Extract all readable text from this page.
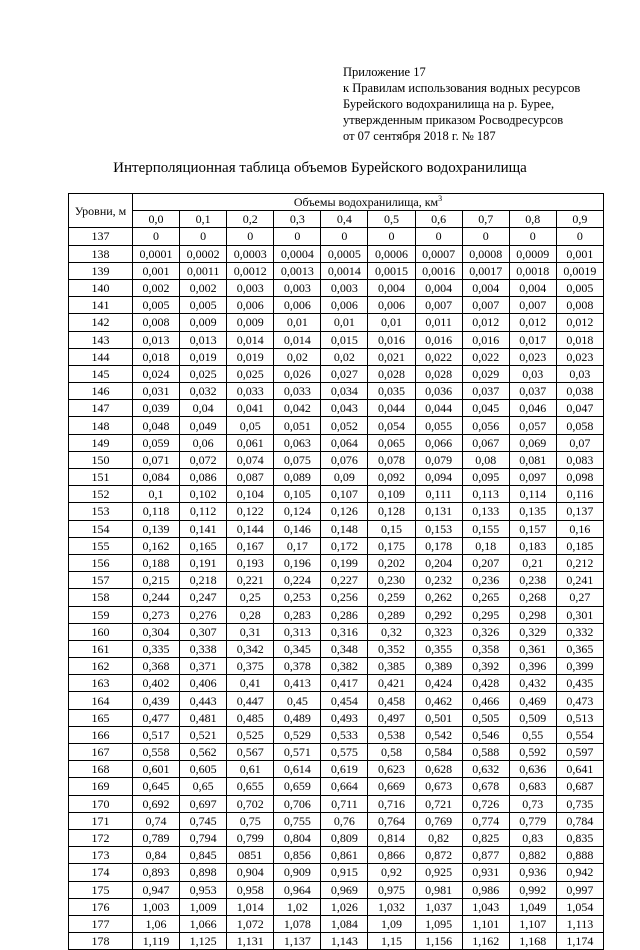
Приложение 17
к Правилам использования водных ресурсов
Бурейского водохранилища на р. Бурее,
утвержденным приказом Росводресурсов
от 07 сентября 2018 г. № 187
Интерполяционная таблица объемов Бурейского водохранилища
Уровни, м	Объемы водохранилища, $км^3$
	0,0	0,1	0,2	0,3	0,4	0,5	0,6	0,7	0,8	0,9
137	0	0	0	0	0	0	0	0	0	0
138	0,0001	0,0002	0,0003	0,0004	0,0005	0,0006	0,0007	0,0008	0,0009	0,001
139	0,001	0,0011	0,0012	0,0013	0,0014	0,0015	0,0016	0,0017	0,0018	0,0019
140	0,002	0,002	0,003	0,003	0,003	0,004	0,004	0,004	0,004	0,005
141	0,005	0,005	0,006	0,006	0,006	0,006	0,007	0,007	0,007	0,008
142	0,008	0,009	0,009	0,01	0,01	0,01	0,011	0,012	0,012	0,012
143	0,013	0,013	0,014	0,014	0,015	0,016	0,016	0,016	0,017	0,018
144	0,018	0,019	0,019	0,02	0,02	0,021	0,022	0,022	0,023	0,023
145	0,024	0,025	0,025	0,026	0,027	0,028	0,028	0,029	0,03	0,03
146	0,031	0,032	0,033	0,033	0,034	0,035	0,036	0,037	0,037	0,038
147	0,039	0,04	0,041	0,042	0,043	0,044	0,044	0,045	0,046	0,047
148	0,048	0,049	0,05	0,051	0,052	0,054	0,055	0,056	0,057	0,058
149	0,059	0,06	0,061	0,063	0,064	0,065	0,066	0,067	0,069	0,07
150	0,071	0,072	0,074	0,075	0,076	0,078	0,079	0,08	0,081	0,083
151	0,084	0,086	0,087	0,089	0,09	0,092	0,094	0,095	0,097	0,098
152	0,1	0,102	0,104	0,105	0,107	0,109	0,111	0,113	0,114	0,116
153	0,118	0,112	0,122	0,124	0,126	0,128	0,131	0,133	0,135	0,137
154	0,139	0,141	0,144	0,146	0,148	0,15	0,153	0,155	0,157	0,16
155	0,162	0,165	0,167	0,17	0,172	0,175	0,178	0,18	0,183	0,185
156	0,188	0,191	0,193	0,196	0,199	0,202	0,204	0,207	0,21	0,212
157	0,215	0,218	0,221	0,224	0,227	0,230	0,232	0,236	0,238	0,241
158	0,244	0,247	0,25	0,253	0,256	0,259	0,262	0,265	0,268	0,27
159	0,273	0,276	0,28	0,283	0,286	0,289	0,292	0,295	0,298	0,301
160	0,304	0,307	0,31	0,313	0,316	0,32	0,323	0,326	0,329	0,332
161	0,335	0,338	0,342	0,345	0,348	0,352	0,355	0,358	0,361	0,365
162	0,368	0,371	0,375	0,378	0,382	0,385	0,389	0,392	0,396	0,399
163	0,402	0,406	0,41	0,413	0,417	0,421	0,424	0,428	0,432	0,435
164	0,439	0,443	0,447	0,45	0,454	0,458	0,462	0,466	0,469	0,473
165	0,477	0,481	0,485	0,489	0,493	0,497	0,501	0,505	0,509	0,513
166	0,517	0,521	0,525	0,529	0,533	0,538	0,542	0,546	0,55	0,554
167	0,558	0,562	0,567	0,571	0,575	0,58	0,584	0,588	0,592	0,597
168	0,601	0,605	0,61	0,614	0,619	0,623	0,628	0,632	0,636	0,641
169	0,645	0,65	0,655	0,659	0,664	0,669	0,673	0,678	0,683	0,687
170	0,692	0,697	0,702	0,706	0,711	0,716	0,721	0,726	0,73	0,735
171	0,74	0,745	0,75	0,755	0,76	0,764	0,769	0,774	0,779	0,784
172	0,789	0,794	0,799	0,804	0,809	0,814	0,82	0,825	0,83	0,835
173	0,84	0,845	0851	0,856	0,861	0,866	0,872	0,877	0,882	0,888
174	0,893	0,898	0,904	0,909	0,915	0,92	0,925	0,931	0,936	0,942
175	0,947	0,953	0,958	0,964	0,969	0,975	0,981	0,986	0,992	0,997
176	1,003	1,009	1,014	1,02	1,026	1,032	1,037	1,043	1,049	1,054
177	1,06	1,066	1,072	1,078	1,084	1,09	1,095	1,101	1,107	1,113
178	1,119	1,125	1,131	1,137	1,143	1,15	1,156	1,162	1,168	1,174
